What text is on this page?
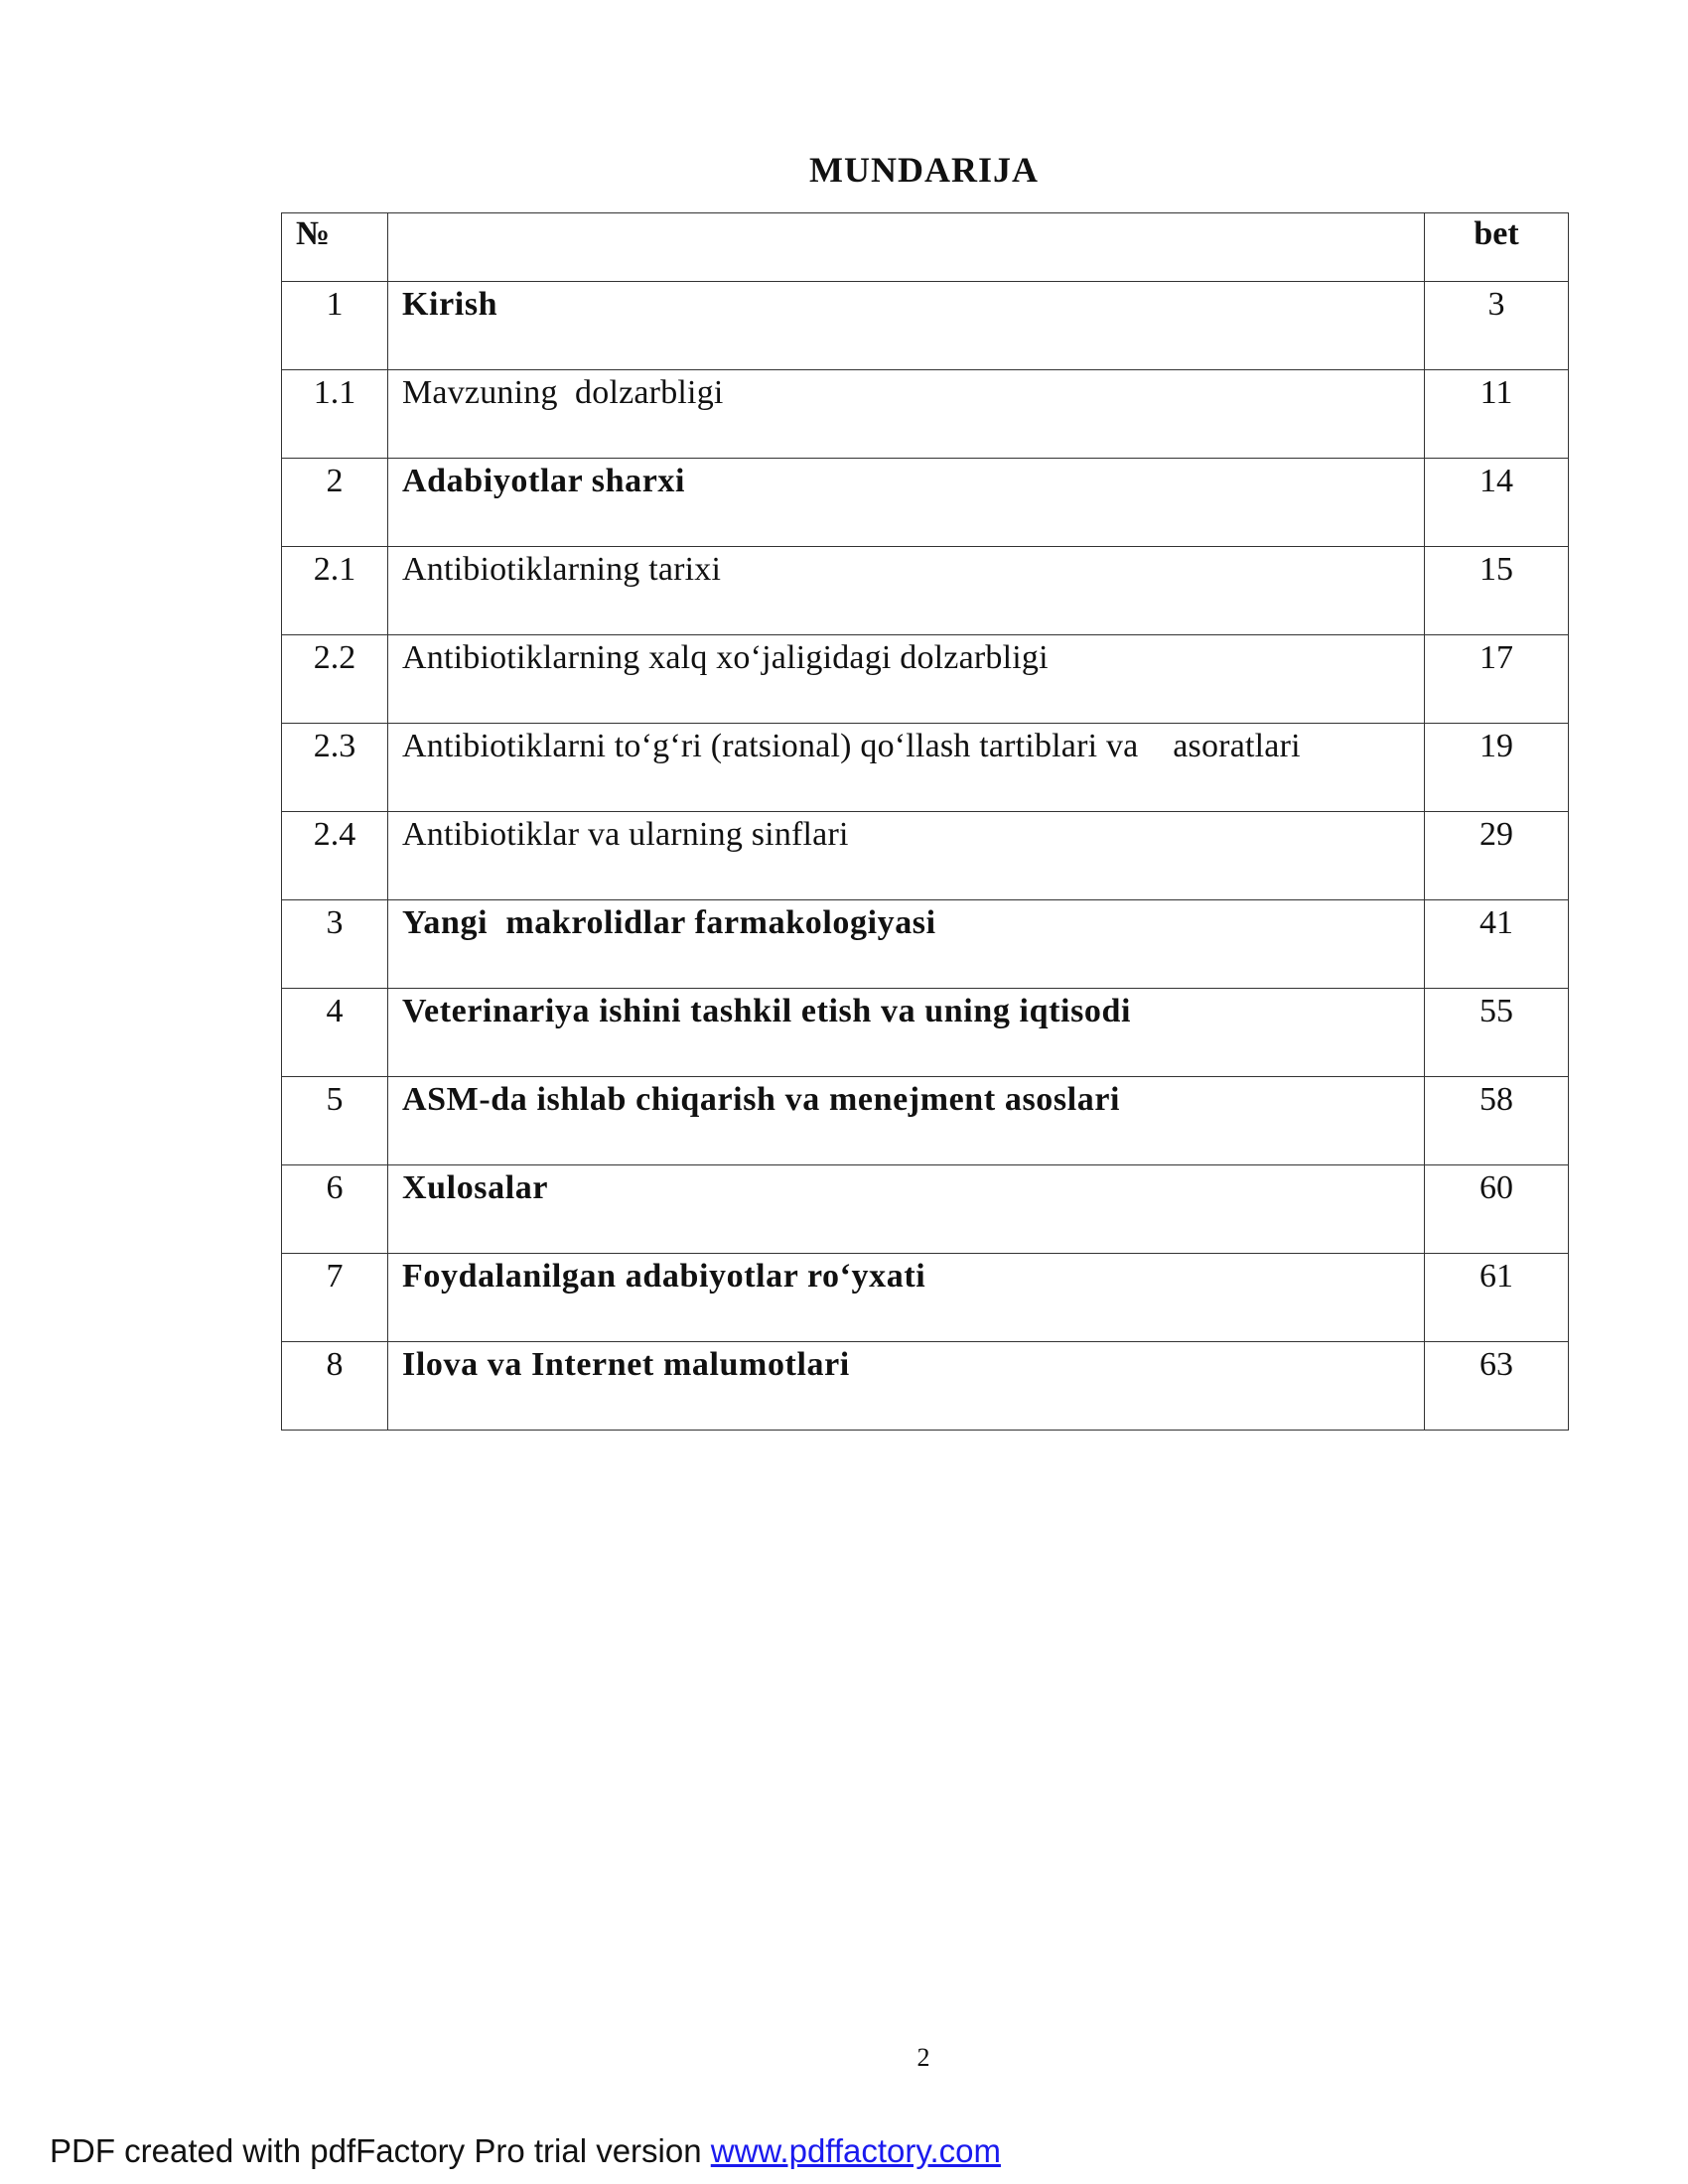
MUNDARIJA
№		bet
1	Kirish	3
1.1	Mavzuning  dolzarbligi	11
2	Adabiyotlar sharxi	14
2.1	Antibiotiklarning tarixi	15
2.2	Antibiotiklarning xalq xo‘jaligidagi dolzarbligi	17
2.3	Antibiotiklarni to‘g‘ri (ratsional) qo‘llash tartiblari va    asoratlari	19
2.4	Antibiotiklar va ularning sinflari	29
3	Yangi  makrolidlar farmakologiyasi	41
4	Veterinariya ishini tashkil etish va uning iqtisodi	55
5	ASM-da ishlab chiqarish va menejment asoslari	58
6	Xulosalar	60
7	Foydalanilgan adabiyotlar ro‘yxati	61
8	Ilova va Internet malumotlari	63
2
PDF created with pdfFactory Pro trial version www.pdffactory.com
